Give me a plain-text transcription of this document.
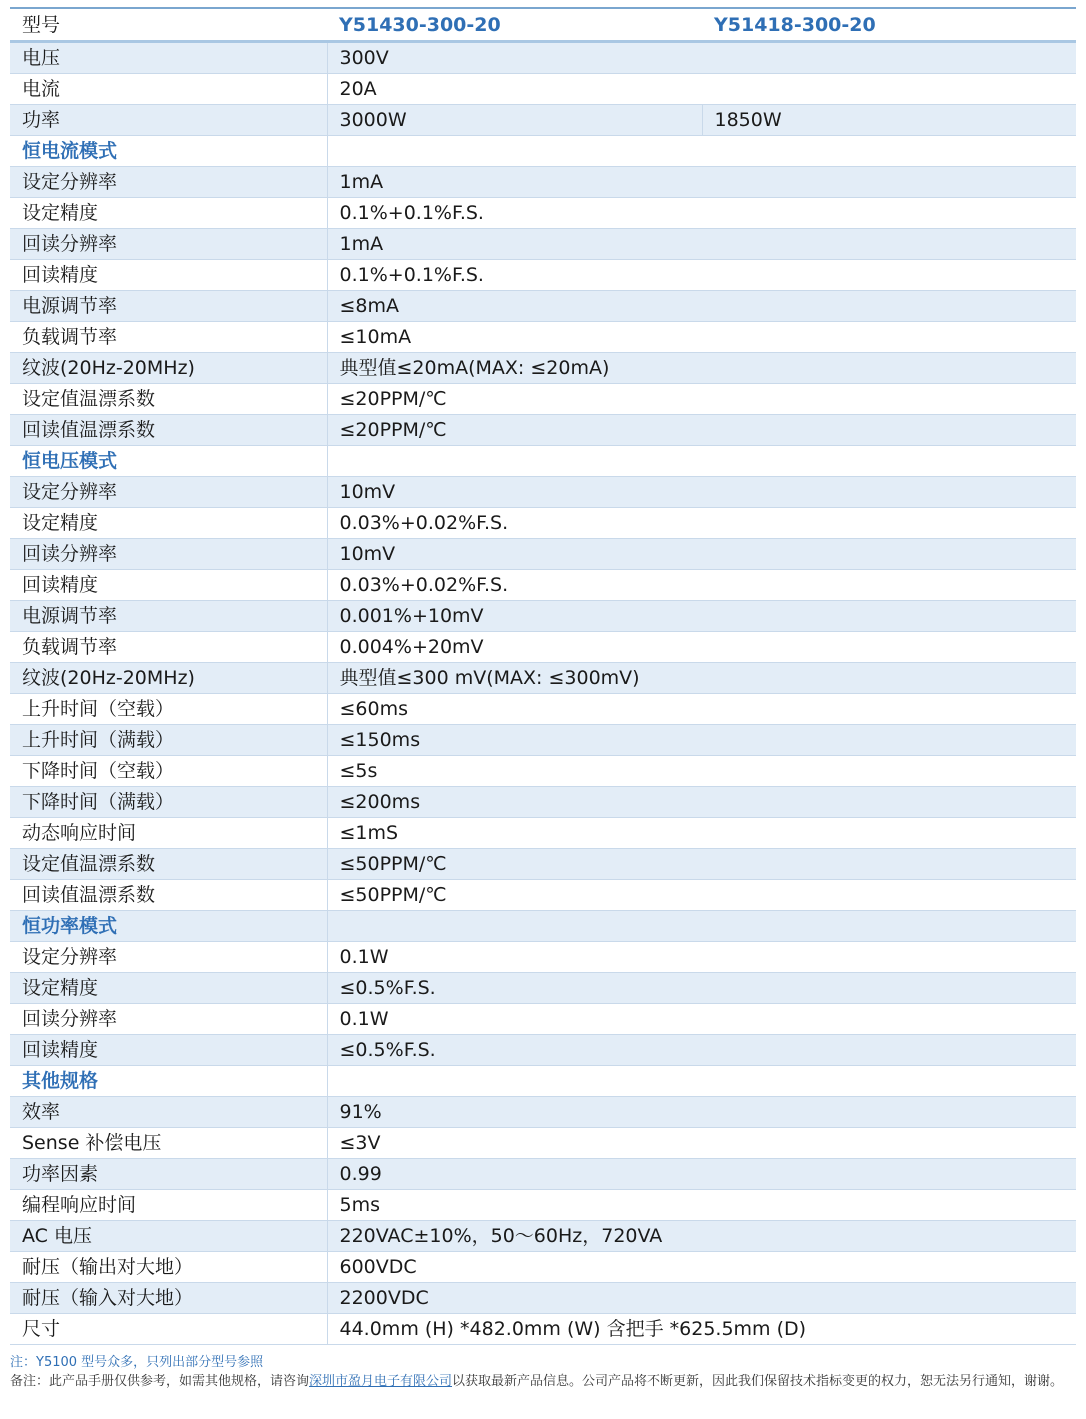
型号	Y51430-300-20	Y51418-300-20
电压	300V	
电流	20A	
功率	3000W	1850W
恒电流模式		
设定分辨率	1mA	
设定精度	0.1%+0.1%F.S.	
回读分辨率	1mA	
回读精度	0.1%+0.1%F.S.	
电源调节率	≤8mA	
负载调节率	≤10mA	
纹波(20Hz-20MHz)	典型值≤20mA(MAX: ≤20mA)	
设定值温漂系数	≤20PPM/℃	
回读值温漂系数	≤20PPM/℃	
恒电压模式		
设定分辨率	10mV	
设定精度	0.03%+0.02%F.S.	
回读分辨率	10mV	
回读精度	0.03%+0.02%F.S.	
电源调节率	0.001%+10mV	
负载调节率	0.004%+20mV	
纹波(20Hz-20MHz)	典型值≤300 mV(MAX: ≤300mV)	
上升时间（空载）	≤60ms	
上升时间（满载）	≤150ms	
下降时间（空载）	≤5s	
下降时间（满载）	≤200ms	
动态响应时间	≤1mS	
设定值温漂系数	≤50PPM/℃	
回读值温漂系数	≤50PPM/℃	
恒功率模式		
设定分辨率	0.1W	
设定精度	≤0.5%F.S.	
回读分辨率	0.1W	
回读精度	≤0.5%F.S.	
其他规格		
效率	91%	
Sense 补偿电压	≤3V	
功率因素	0.99	
编程响应时间	5ms	
AC 电压	220VAC±10%，50～60Hz，720VA	
耐压（输出对大地）	600VDC	
耐压（输入对大地）	2200VDC	
尺寸	44.0mm (H) *482.0mm (W) 含把手 *625.5mm (D)	
注：Y5100 型号众多，只列出部分型号参照
备注：此产品手册仅供参考，如需其他规格，请咨询深圳市盈月电子有限公司以获取最新产品信息。公司产品将不断更新，因此我们保留技术指标变更的权力，恕无法另行通知，谢谢。
